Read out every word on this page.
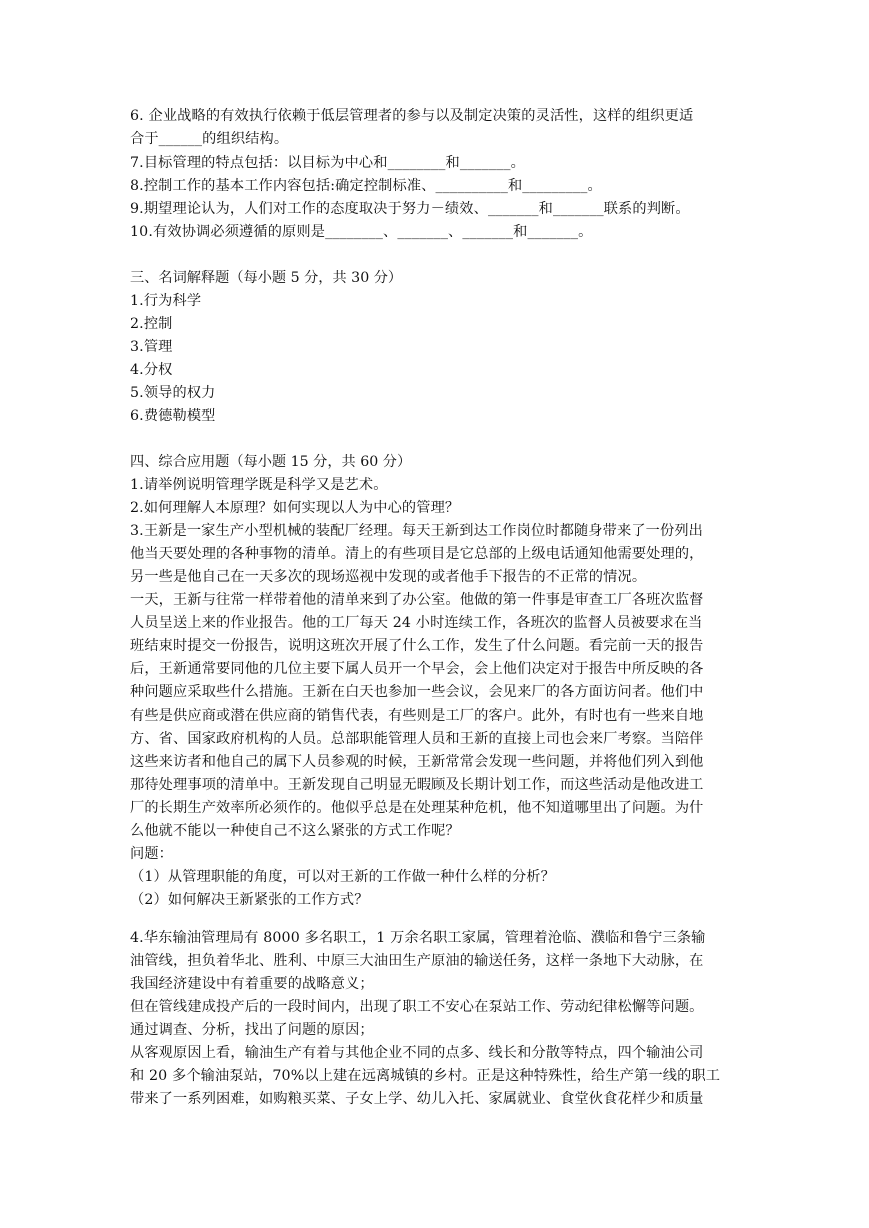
6. 企业战略的有效执行依赖于低层管理者的参与以及制定决策的灵活性，这样的组织更适
合于______的组织结构。
7.目标管理的特点包括：以目标为中心和________和_______。
8.控制工作的基本工作内容包括:确定控制标准、__________和_________。
9.期望理论认为，人们对工作的态度取决于努力－绩效、_______和_______联系的判断。
10.有效协调必须遵循的原则是________、_______、_______和_______。
三、名词解释题（每小题 5 分，共 30 分）
1.行为科学
2.控制
3.管理
4.分权
5.领导的权力
6.费德勒模型
四、综合应用题（每小题 15 分，共 60 分）
1.请举例说明管理学既是科学又是艺术。
2.如何理解人本原理？如何实现以人为中心的管理？
3.王新是一家生产小型机械的装配厂经理。每天王新到达工作岗位时都随身带来了一份列出
他当天要处理的各种事物的清单。清上的有些项目是它总部的上级电话通知他需要处理的，
另一些是他自己在一天多次的现场巡视中发现的或者他手下报告的不正常的情况。
一天，王新与往常一样带着他的清单来到了办公室。他做的第一件事是审查工厂各班次监督
人员呈送上来的作业报告。他的工厂每天 24 小时连续工作，各班次的监督人员被要求在当
班结束时提交一份报告，说明这班次开展了什么工作，发生了什么问题。看完前一天的报告
后，王新通常要同他的几位主要下属人员开一个早会，会上他们决定对于报告中所反映的各
种问题应采取些什么措施。王新在白天也参加一些会议，会见来厂的各方面访问者。他们中
有些是供应商或潜在供应商的销售代表，有些则是工厂的客户。此外，有时也有一些来自地
方、省、国家政府机构的人员。总部职能管理人员和王新的直接上司也会来厂考察。当陪伴
这些来访者和他自己的属下人员参观的时候，王新常常会发现一些问题，并将他们列入到他
那待处理事项的清单中。王新发现自己明显无暇顾及长期计划工作，而这些活动是他改进工
厂的长期生产效率所必须作的。他似乎总是在处理某种危机，他不知道哪里出了问题。为什
么他就不能以一种使自己不这么紧张的方式工作呢？
问题：
（1）从管理职能的角度，可以对王新的工作做一种什么样的分析？
（2）如何解决王新紧张的工作方式？
4.华东输油管理局有 8000 多名职工，1 万余名职工家属，管理着沧临、濮临和鲁宁三条输
油管线，担负着华北、胜利、中原三大油田生产原油的输送任务，这样一条地下大动脉，在
我国经济建设中有着重要的战略意义；
但在管线建成投产后的一段时间内，出现了职工不安心在泵站工作、劳动纪律松懈等问题。
通过调查、分析，找出了问题的原因；
从客观原因上看，输油生产有着与其他企业不同的点多、线长和分散等特点，四个输油公司
和 20 多个输油泵站，70%以上建在远离城镇的乡村。正是这种特殊性，给生产第一线的职工
带来了一系列困难，如购粮买菜、子女上学、幼儿入托、家属就业、食堂伙食花样少和质量
